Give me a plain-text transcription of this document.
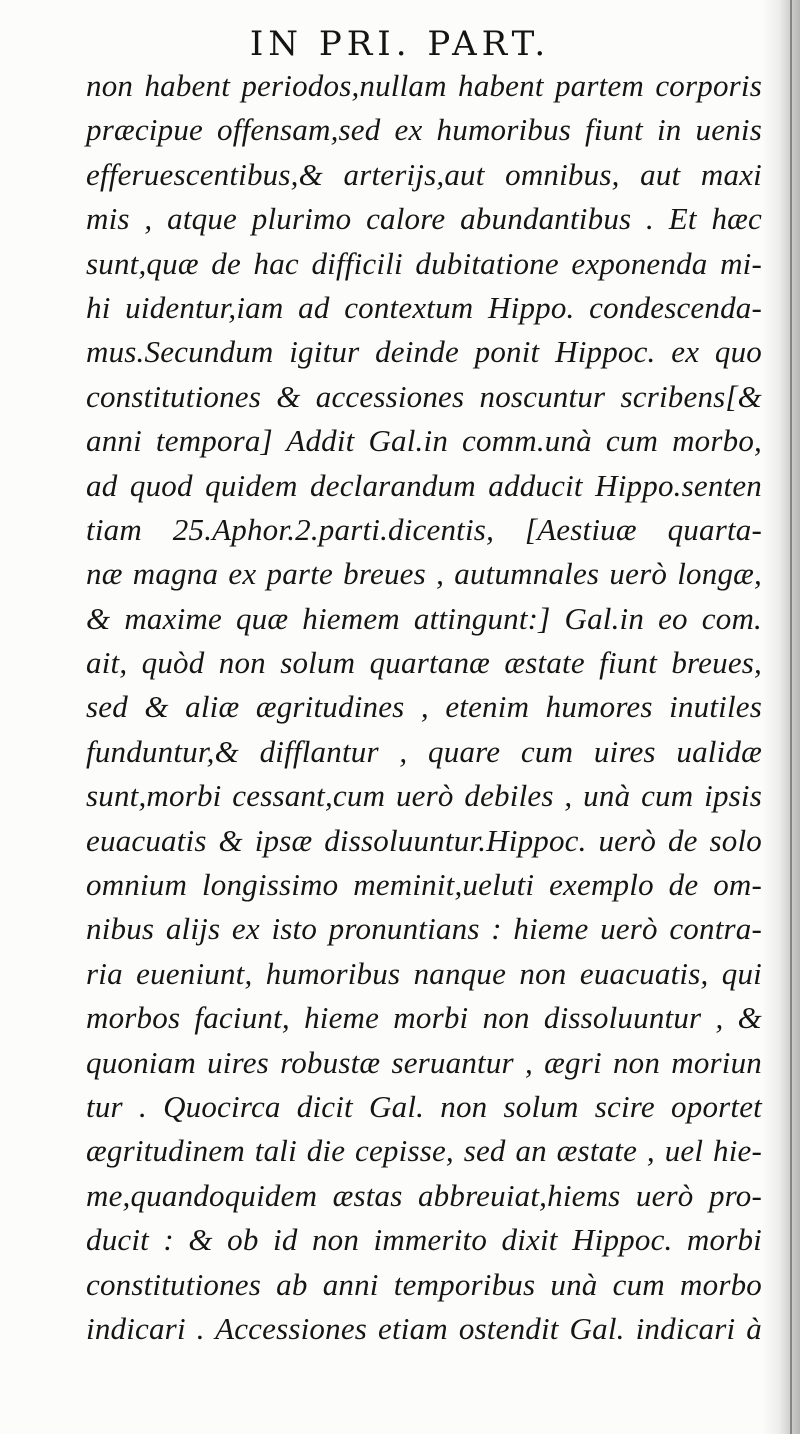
IN PRI. PART.
non habent periodos,nullam habent partem corporis
præcipue offensam,sed ex humoribus fiunt in uenis
efferuescentibus,& arterijs,aut omnibus, aut maxi
mis , atque plurimo calore abundantibus . Et hæc
sunt,quæ de hac difficili dubitatione exponenda mi-
hi uidentur,iam ad contextum Hippo. condescenda-
mus.Secundum igitur deinde ponit Hippoc. ex quo
constitutiones & accessiones noscuntur scribens[&
anni tempora] Addit Gal.in comm.unà cum morbo,
ad quod quidem declarandum adducit Hippo.senten
tiam 25.Aphor.2.parti.dicentis, [Aestiuæ quarta-
næ magna ex parte breues , autumnales uerò longæ,
& maxime quæ hiemem attingunt:] Gal.in eo com.
ait, quòd non solum quartanæ æstate fiunt breues,
sed & aliæ ægritudines , etenim humores inutiles
funduntur,& difflantur , quare cum uires ualidæ
sunt,morbi cessant,cum uerò debiles , unà cum ipsis
euacuatis & ipsæ dissoluuntur.Hippoc. uerò de solo
omnium longissimo meminit,ueluti exemplo de om-
nibus alijs ex isto pronuntians : hieme uerò contra-
ria eueniunt, humoribus nanque non euacuatis, qui
morbos faciunt, hieme morbi non dissoluuntur , &
quoniam uires robustæ seruantur , ægri non moriun
tur . Quocirca dicit Gal. non solum scire oportet
ægritudinem tali die cepisse, sed an æstate , uel hie-
me,quandoquidem æstas abbreuiat,hiems uerò pro-
ducit : & ob id non immerito dixit Hippoc. morbi
constitutiones ab anni temporibus unà cum morbo
indicari . Accessiones etiam ostendit Gal. indicari à
